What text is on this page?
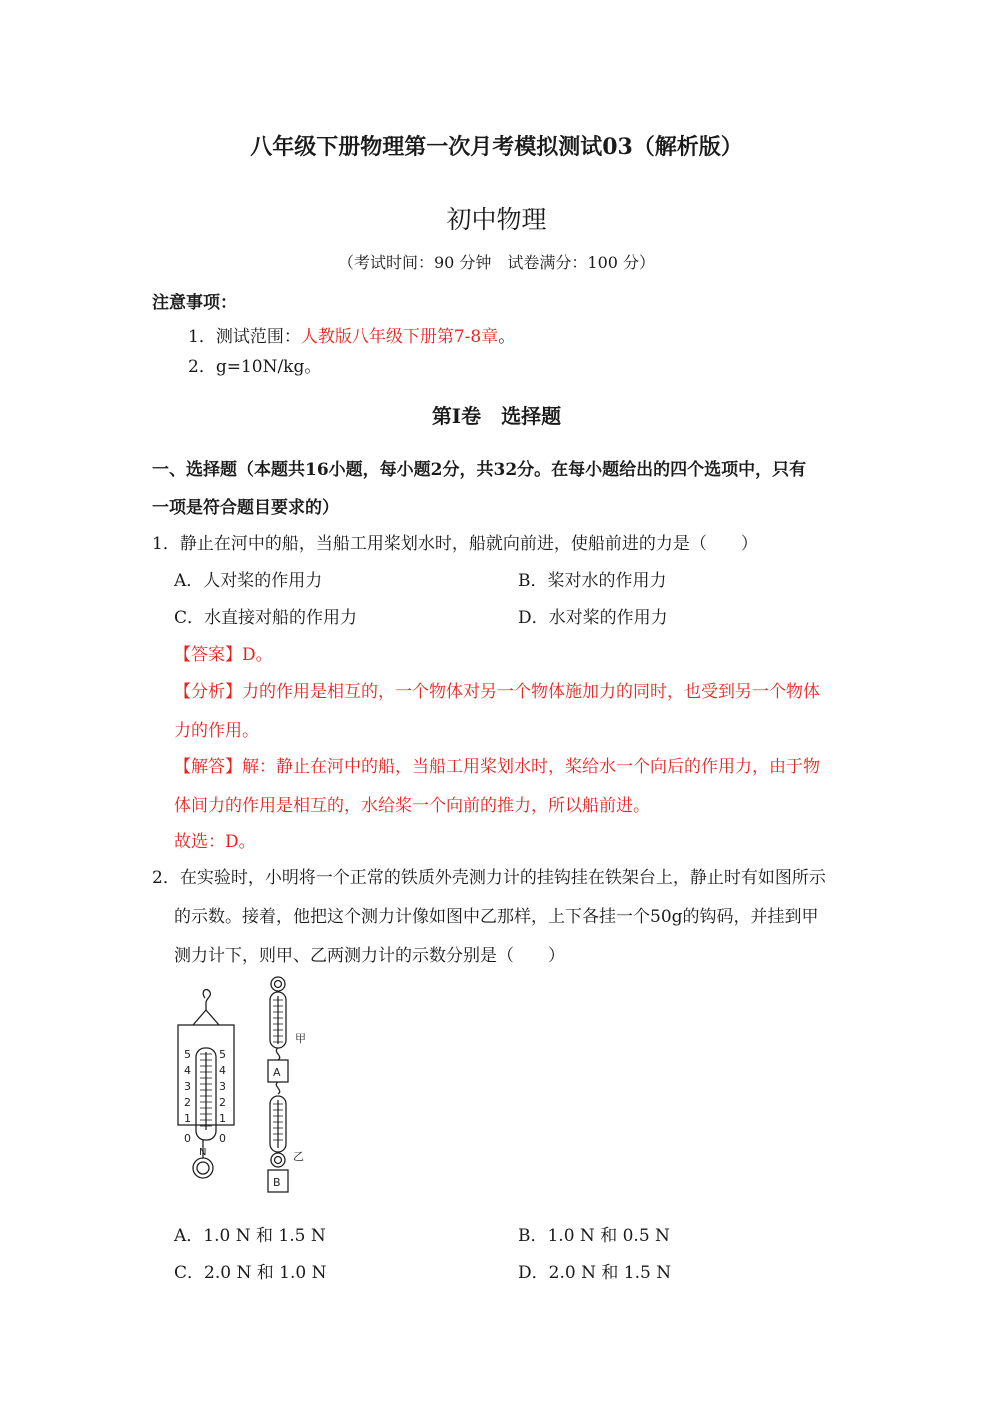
八年级下册物理第一次月考模拟测试03（解析版）
初中物理
（考试时间：90 分钟　试卷满分：100 分）
注意事项：
1．测试范围：人教版八年级下册第7-8章。
2．g=10N/kg。
第Ⅰ卷　选择题
一、选择题（本题共16小题，每小题2分，共32分。在每小题给出的四个选项中，只有
一项是符合题目要求的）
1．静止在河中的船，当船工用桨划水时，船就向前进，使船前进的力是（　　）
A．人对桨的作用力	B．桨对水的作用力
C．水直接对船的作用力	D．水对桨的作用力
【答案】D。
【分析】力的作用是相互的，一个物体对另一个物体施加力的同时，也受到另一个物体
力的作用。
【解答】解：静止在河中的船，当船工用桨划水时，桨给水一个向后的作用力，由于物
体间力的作用是相互的，水给桨一个向前的推力，所以船前进。
故选：D。
2．在实验时，小明将一个正常的铁质外壳测力计的挂钩挂在铁架台上，静止时有如图所示
的示数。接着，他把这个测力计像如图中乙那样，上下各挂一个50g的钩码，并挂到甲
测力计下，则甲、乙两测力计的示数分别是（　　）
5
4
3
2
1
0
5
4
3
2
1
0
N
A
B
甲
乙
A．1.0 N 和 1.5 N	B．1.0 N 和 0.5 N
C．2.0 N 和 1.0 N	D．2.0 N 和 1.5 N
